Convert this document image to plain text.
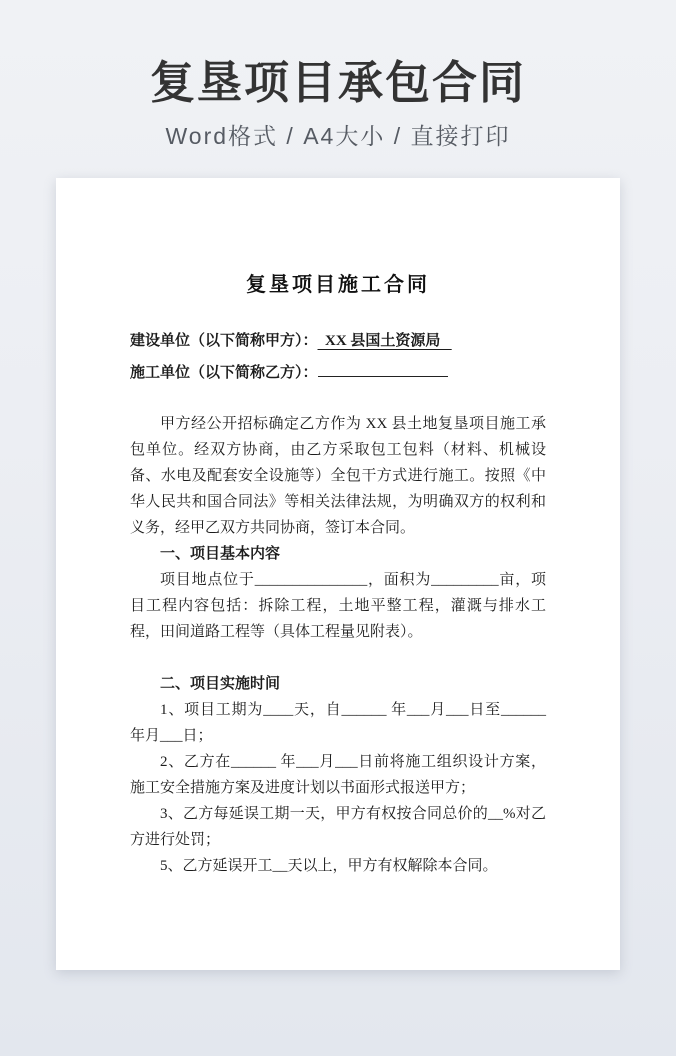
复垦项目承包合同
Word格式 / A4大小 / 直接打印
复垦项目施工合同
建设单位（以下简称甲方）：  XX 县国土资源局
施工单位（以下简称乙方）：
甲方经公开招标确定乙方作为 XX 县土地复垦项目施工承包单位。经双方协商，由乙方采取包工包料（材料、机械设备、水电及配套安全设施等）全包干方式进行施工。按照《中华人民共和国合同法》等相关法律法规，为明确双方的权利和义务，经甲乙双方共同协商，签订本合同。
一、项目基本内容
项目地点位于_______________，面积为_________亩，项目工程内容包括：拆除工程，土地平整工程，灌溉与排水工程，田间道路工程等（具体工程量见附表）。
二、项目实施时间
1、项目工期为____天，自______ 年___月___日至______ 年月___日；
2、乙方在______ 年___月___日前将施工组织设计方案，施工安全措施方案及进度计划以书面形式报送甲方；
3、乙方每延误工期一天，甲方有权按合同总价的__%对乙方进行处罚；
5、乙方延误开工__天以上，甲方有权解除本合同。
